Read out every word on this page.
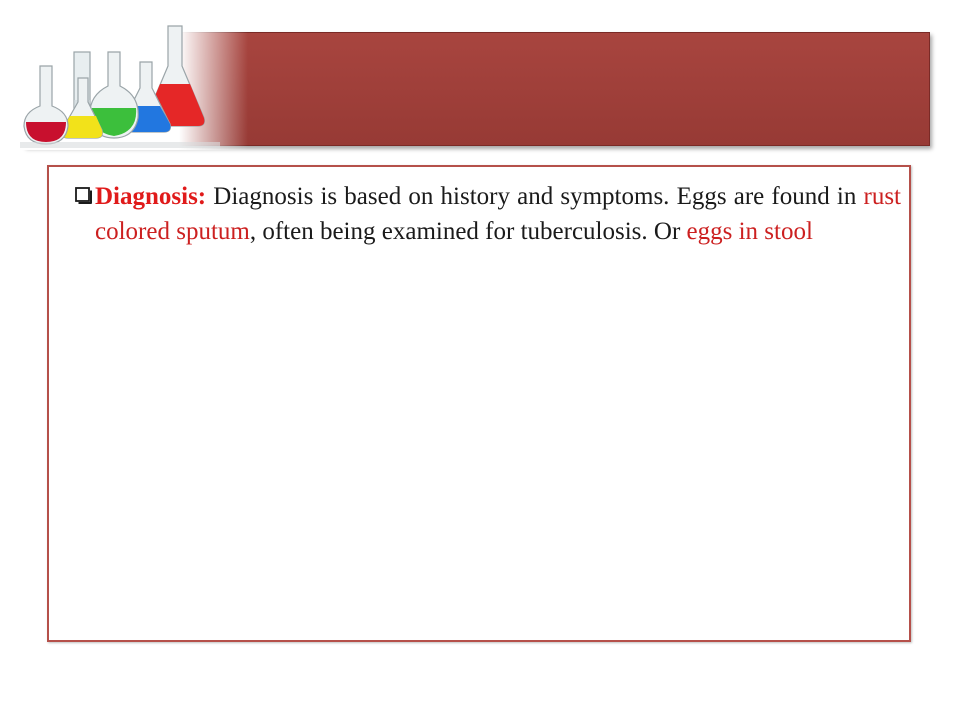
Diagnosis: Diagnosis is based on history and symptoms. Eggs are found in rust colored sputum, often being examined for tuberculosis. Or eggs in stool
